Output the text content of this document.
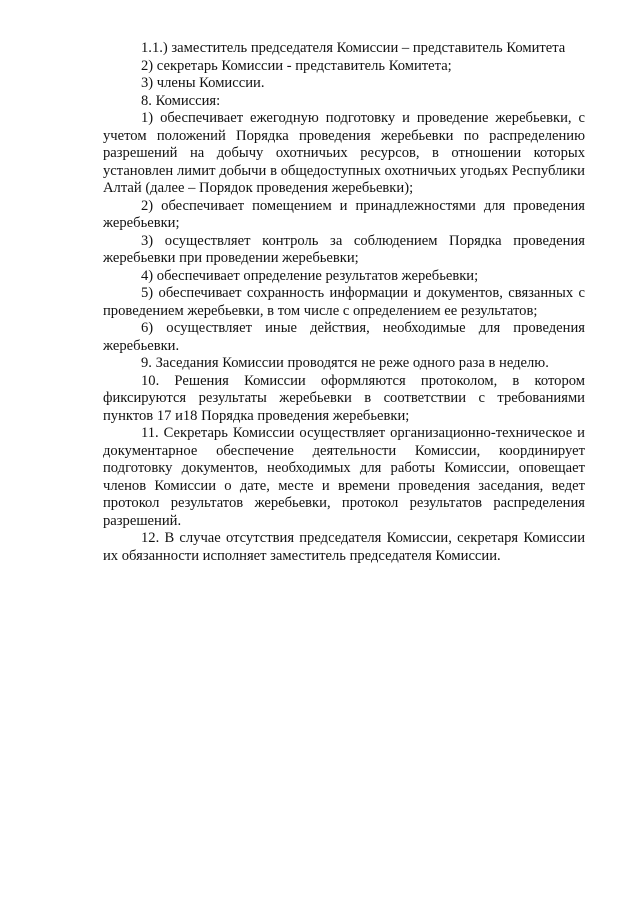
1.1.) заместитель председателя Комиссии – представитель Комитета

2) секретарь Комиссии - представитель Комитета;

3) члены Комиссии.

8. Комиссия:

1) обеспечивает ежегодную подготовку и проведение жеребьевки, с учетом положений Порядка проведения жеребьевки по распределению разрешений на добычу охотничьих ресурсов, в отношении которых установлен лимит добычи в общедоступных охотничьих угодьях Республики Алтай (далее – Порядок проведения жеребьевки);

2) обеспечивает помещением и принадлежностями для проведения жеребьевки;

3) осуществляет контроль за соблюдением Порядка проведения жеребьевки при проведении жеребьевки;

4) обеспечивает определение результатов жеребьевки;

5) обеспечивает сохранность информации и документов, связанных с проведением жеребьевки, в том числе с определением ее результатов;

6) осуществляет иные действия, необходимые для проведения жеребьевки.

9. Заседания Комиссии проводятся не реже одного раза в неделю.

10. Решения Комиссии оформляются протоколом, в котором фиксируются результаты жеребьевки в соответствии с требованиями пунктов 17 и18 Порядка проведения жеребьевки;

11. Секретарь Комиссии осуществляет организационно-техническое и документарное обеспечение деятельности Комиссии, координирует подготовку документов, необходимых для работы Комиссии, оповещает членов Комиссии о дате, месте и времени проведения заседания, ведет протокол результатов жеребьевки, протокол результатов распределения разрешений.

12. В случае отсутствия председателя Комиссии, секретаря Комиссии их обязанности исполняет заместитель председателя Комиссии.
